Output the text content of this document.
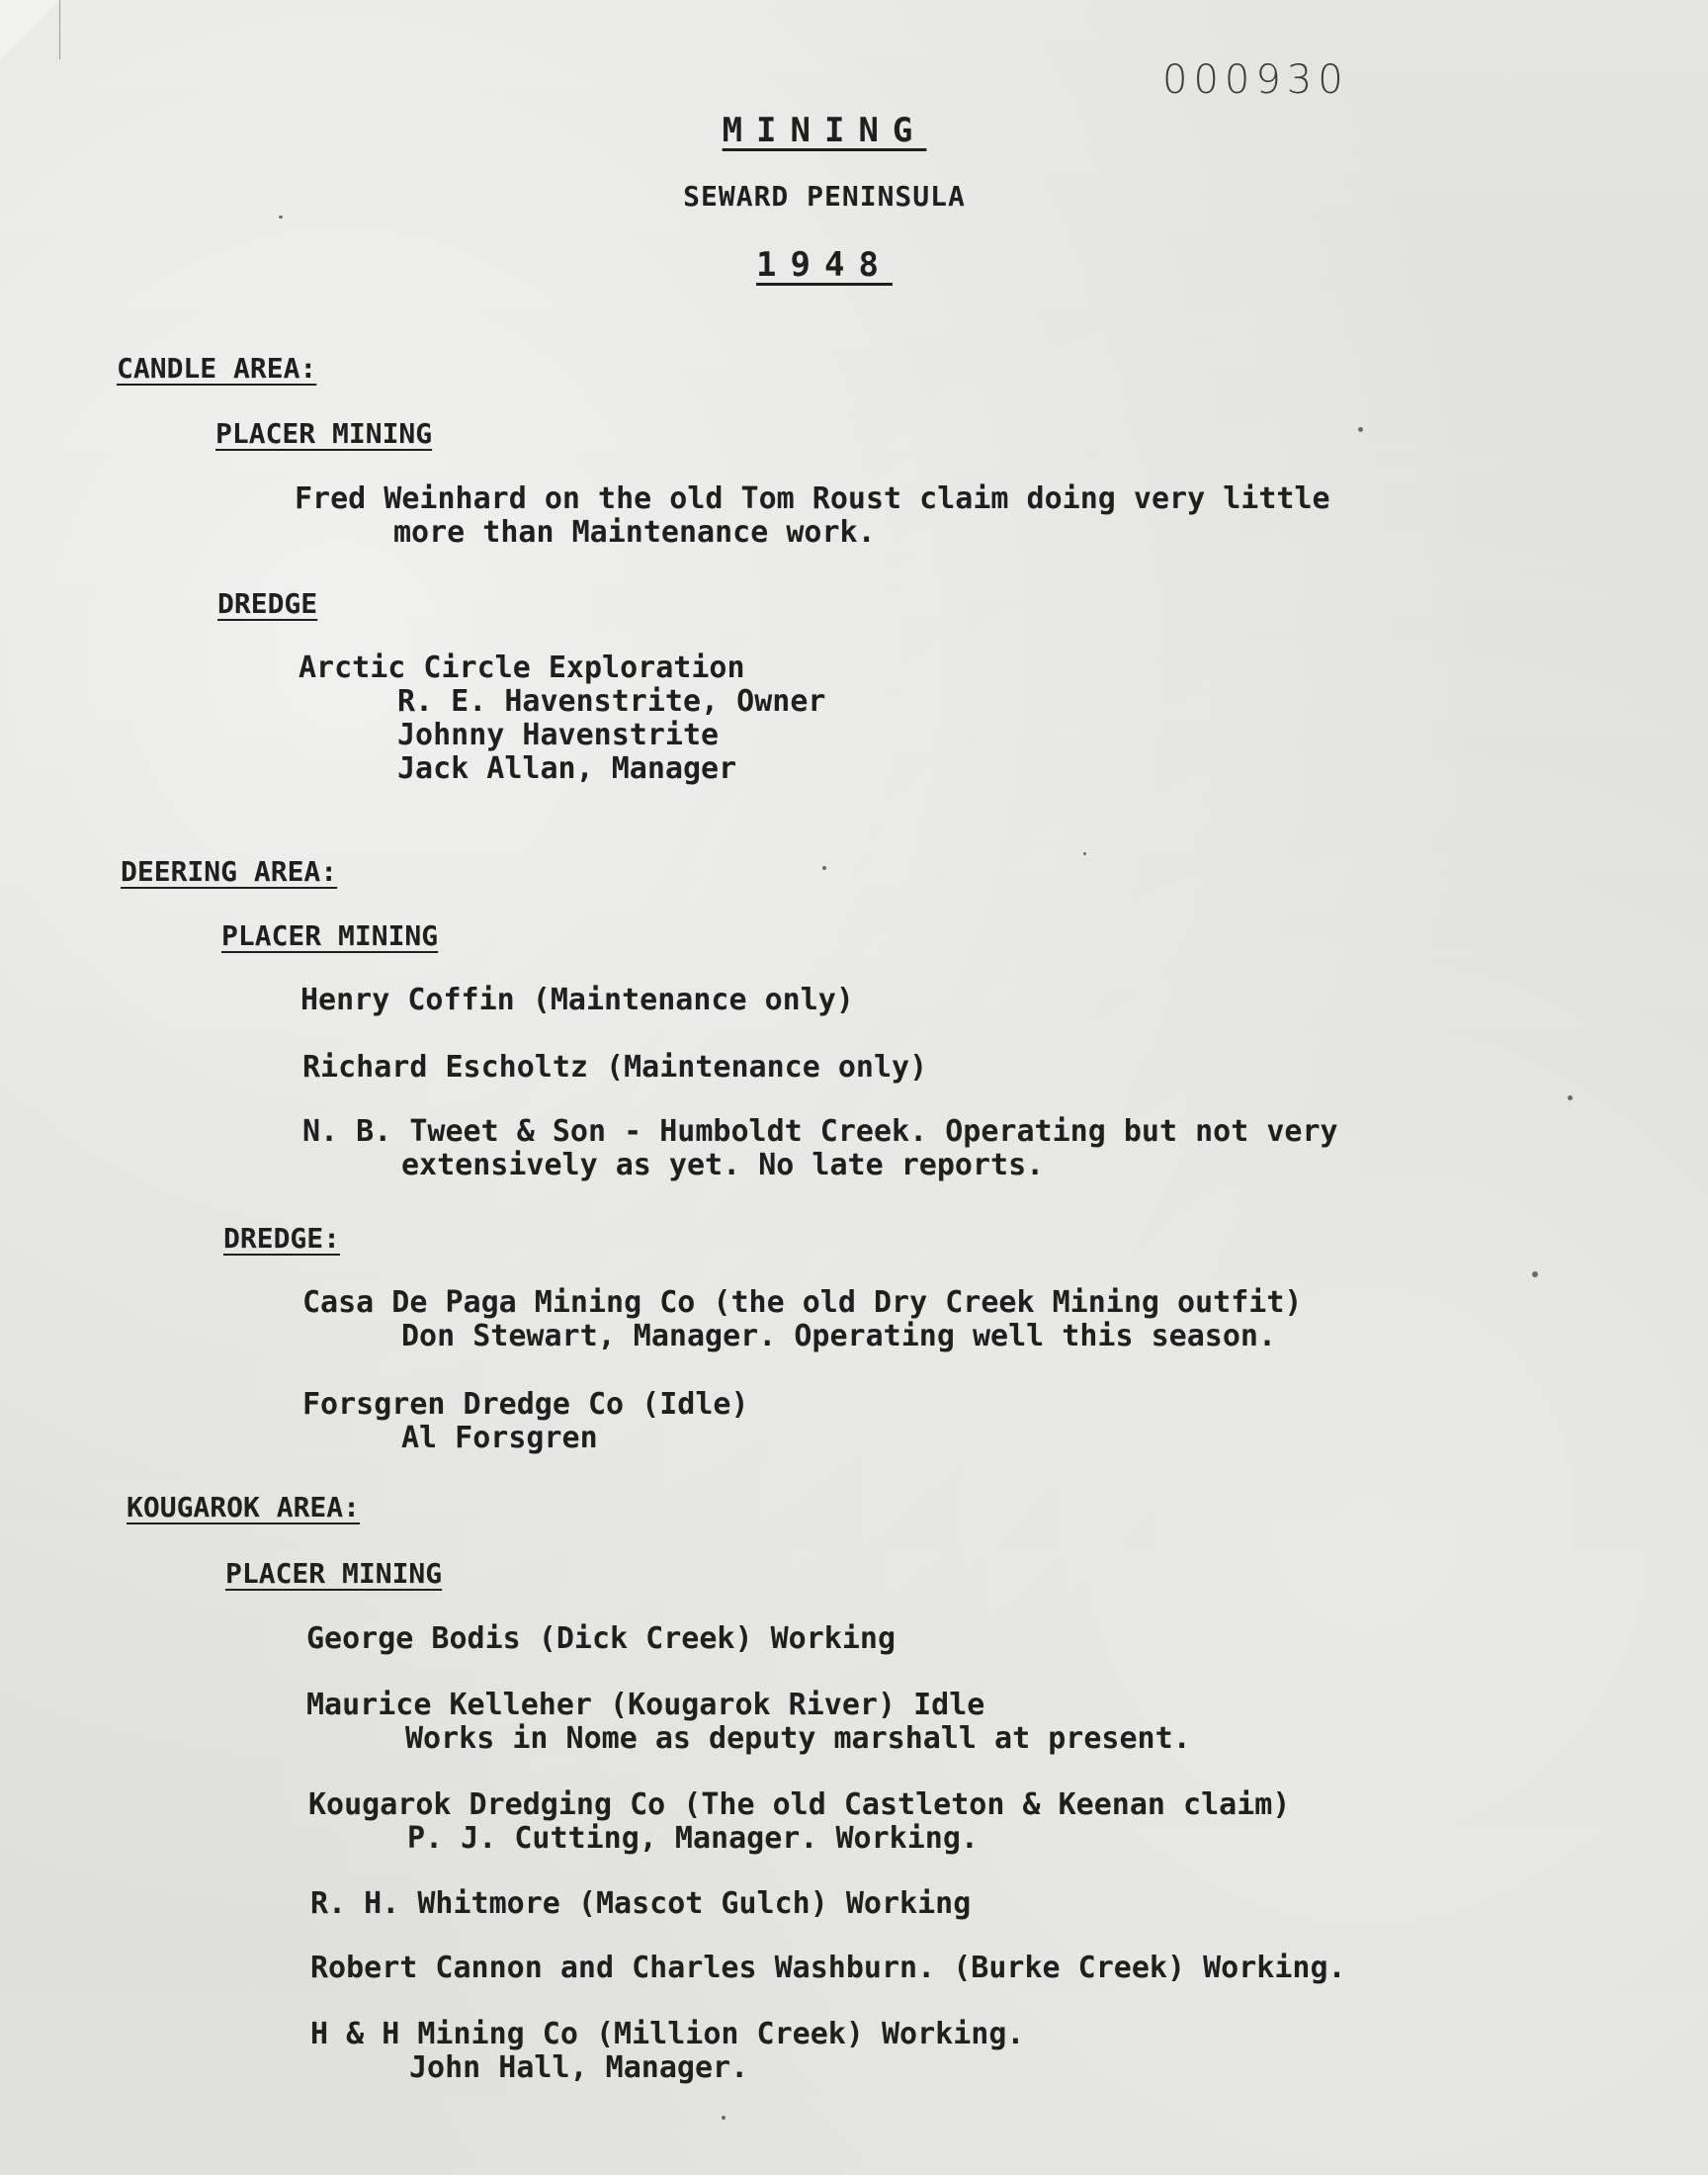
000930
MINING
SEWARD PENINSULA
1948
CANDLE AREA:
PLACER MINING
Fred Weinhard on the old Tom Roust claim doing very little
more than Maintenance work.
DREDGE
Arctic Circle Exploration
R. E. Havenstrite, Owner
Johnny Havenstrite
Jack Allan, Manager
DEERING AREA:
PLACER MINING
Henry Coffin (Maintenance only)
Richard Escholtz (Maintenance only)
N. B. Tweet & Son - Humboldt Creek. Operating but not very
extensively as yet. No late reports.
DREDGE:
Casa De Paga Mining Co (the old Dry Creek Mining outfit)
Don Stewart, Manager. Operating well this season.
Forsgren Dredge Co (Idle)
Al Forsgren
KOUGAROK AREA:
PLACER MINING
George Bodis (Dick Creek) Working
Maurice Kelleher (Kougarok River) Idle
Works in Nome as deputy marshall at present.
Kougarok Dredging Co (The old Castleton & Keenan claim)
P. J. Cutting, Manager. Working.
R. H. Whitmore (Mascot Gulch) Working
Robert Cannon and Charles Washburn. (Burke Creek) Working.
H & H Mining Co (Million Creek) Working.
John Hall, Manager.
